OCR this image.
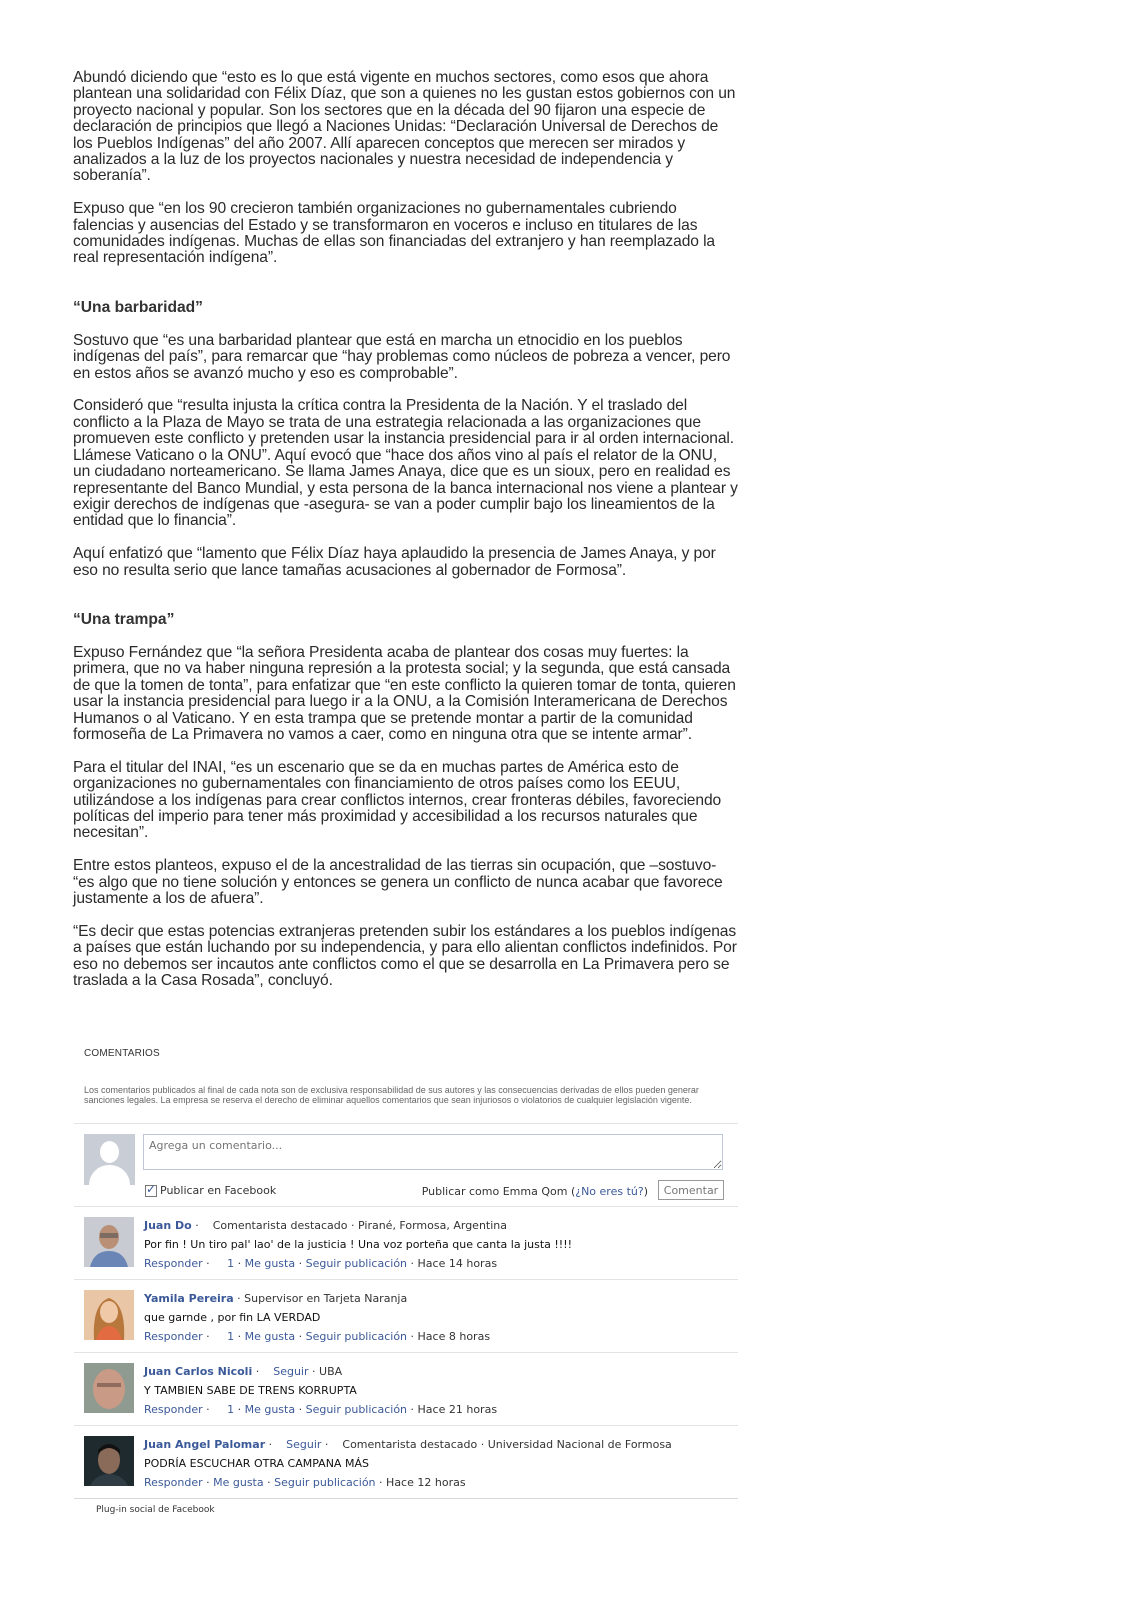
Abundó diciendo que “esto es lo que está vigente en muchos sectores, como esos que ahora plantean una solidaridad con Félix Díaz, que son a quienes no les gustan estos gobiernos con un proyecto nacional y popular. Son los sectores que en la década del 90 fijaron una especie de declaración de principios que llegó a Naciones Unidas: “Declaración Universal de Derechos de los Pueblos Indígenas” del año 2007. Allí aparecen conceptos que merecen ser mirados y analizados a la luz de los proyectos nacionales y nuestra necesidad de independencia y soberanía”.

Expuso que “en los 90 crecieron también organizaciones no gubernamentales cubriendo falencias y ausencias del Estado y se transformaron en voceros e incluso en titulares de las comunidades indígenas. Muchas de ellas son financiadas del extranjero y han reemplazado la real representación indígena”.

“Una barbaridad”

Sostuvo que “es una barbaridad plantear que está en marcha un etnocidio en los pueblos indígenas del país”, para remarcar que “hay problemas como núcleos de pobreza a vencer, pero en estos años se avanzó mucho y eso es comprobable”.

Consideró que “resulta injusta la crítica contra la Presidenta de la Nación. Y el traslado del conflicto a la Plaza de Mayo se trata de una estrategia relacionada a las organizaciones que promueven este conflicto y pretenden usar la instancia presidencial para ir al orden internacional. Llámese Vaticano o la ONU”. Aquí evocó que “hace dos años vino al país el relator de la ONU, un ciudadano norteamericano. Se llama James Anaya, dice que es un sioux, pero en realidad es representante del Banco Mundial, y esta persona de la banca internacional nos viene a plantear y exigir derechos de indígenas que -asegura- se van a poder cumplir bajo los lineamientos de la entidad que lo financia”.

Aquí enfatizó que “lamento que Félix Díaz haya aplaudido la presencia de James Anaya, y por eso no resulta serio que lance tamañas acusaciones al gobernador de Formosa”.

“Una trampa”

Expuso Fernández que “la señora Presidenta acaba de plantear dos cosas muy fuertes: la primera, que no va haber ninguna represión a la protesta social; y la segunda, que está cansada de que la tomen de tonta”, para enfatizar que “en este conflicto la quieren tomar de tonta, quieren usar la instancia presidencial para luego ir a la ONU, a la Comisión Interamericana de Derechos Humanos o al Vaticano. Y en esta trampa que se pretende montar a partir de la comunidad formoseña de La Primavera no vamos a caer, como en ninguna otra que se intente armar”.

Para el titular del INAI, “es un escenario que se da en muchas partes de América esto de organizaciones no gubernamentales con financiamiento de otros países como los EEUU, utilizándose a los indígenas para crear conflictos internos, crear fronteras débiles, favoreciendo políticas del imperio para tener más proximidad y accesibilidad a los recursos naturales que necesitan”.

Entre estos planteos, expuso el de la ancestralidad de las tierras sin ocupación, que –sostuvo- “es algo que no tiene solución y entonces se genera un conflicto de nunca acabar que favorece justamente a los de afuera”.

“Es decir que estas potencias extranjeras pretenden subir los estándares a los pueblos indígenas a países que están luchando por su independencia, y para ello alientan conflictos indefinidos. Por eso no debemos ser incautos ante conflictos como el que se desarrolla en La Primavera pero se traslada a la Casa Rosada”, concluyó.

COMENTARIOS
Los comentarios publicados al final de cada nota son de exclusiva responsabilidad de sus autores y las consecuencias derivadas de ellos pueden generar sanciones legales. La empresa se reserva el derecho de eliminar aquellos comentarios que sean injuriosos o violatorios de cualquier legislación vigente.
Agrega un comentario...
✓
Publicar en Facebook	Publicar como Emma Qom (¿No eres tú?)	Comentar
Juan Do ·    Comentarista destacado · Pirané, Formosa, Argentina
Por fin ! Un tiro pal' lao' de la justicia ! Una voz porteña que canta la justa !!!!
Responder ·     1 · Me gusta · Seguir publicación · Hace 14 horas
Yamila Pereira · Supervisor en Tarjeta Naranja
que garnde , por fin LA VERDAD
Responder ·     1 · Me gusta · Seguir publicación · Hace 8 horas
Juan Carlos Nicoli ·    Seguir · UBA
Y TAMBIEN SABE DE TRENS KORRUPTA
Responder ·     1 · Me gusta · Seguir publicación · Hace 21 horas
Juan Angel Palomar ·    Seguir ·    Comentarista destacado · Universidad Nacional de Formosa
PODRÍA ESCUCHAR OTRA CAMPANA MÁS
Responder · Me gusta · Seguir publicación · Hace 12 horas
Plug-in social de Facebook
